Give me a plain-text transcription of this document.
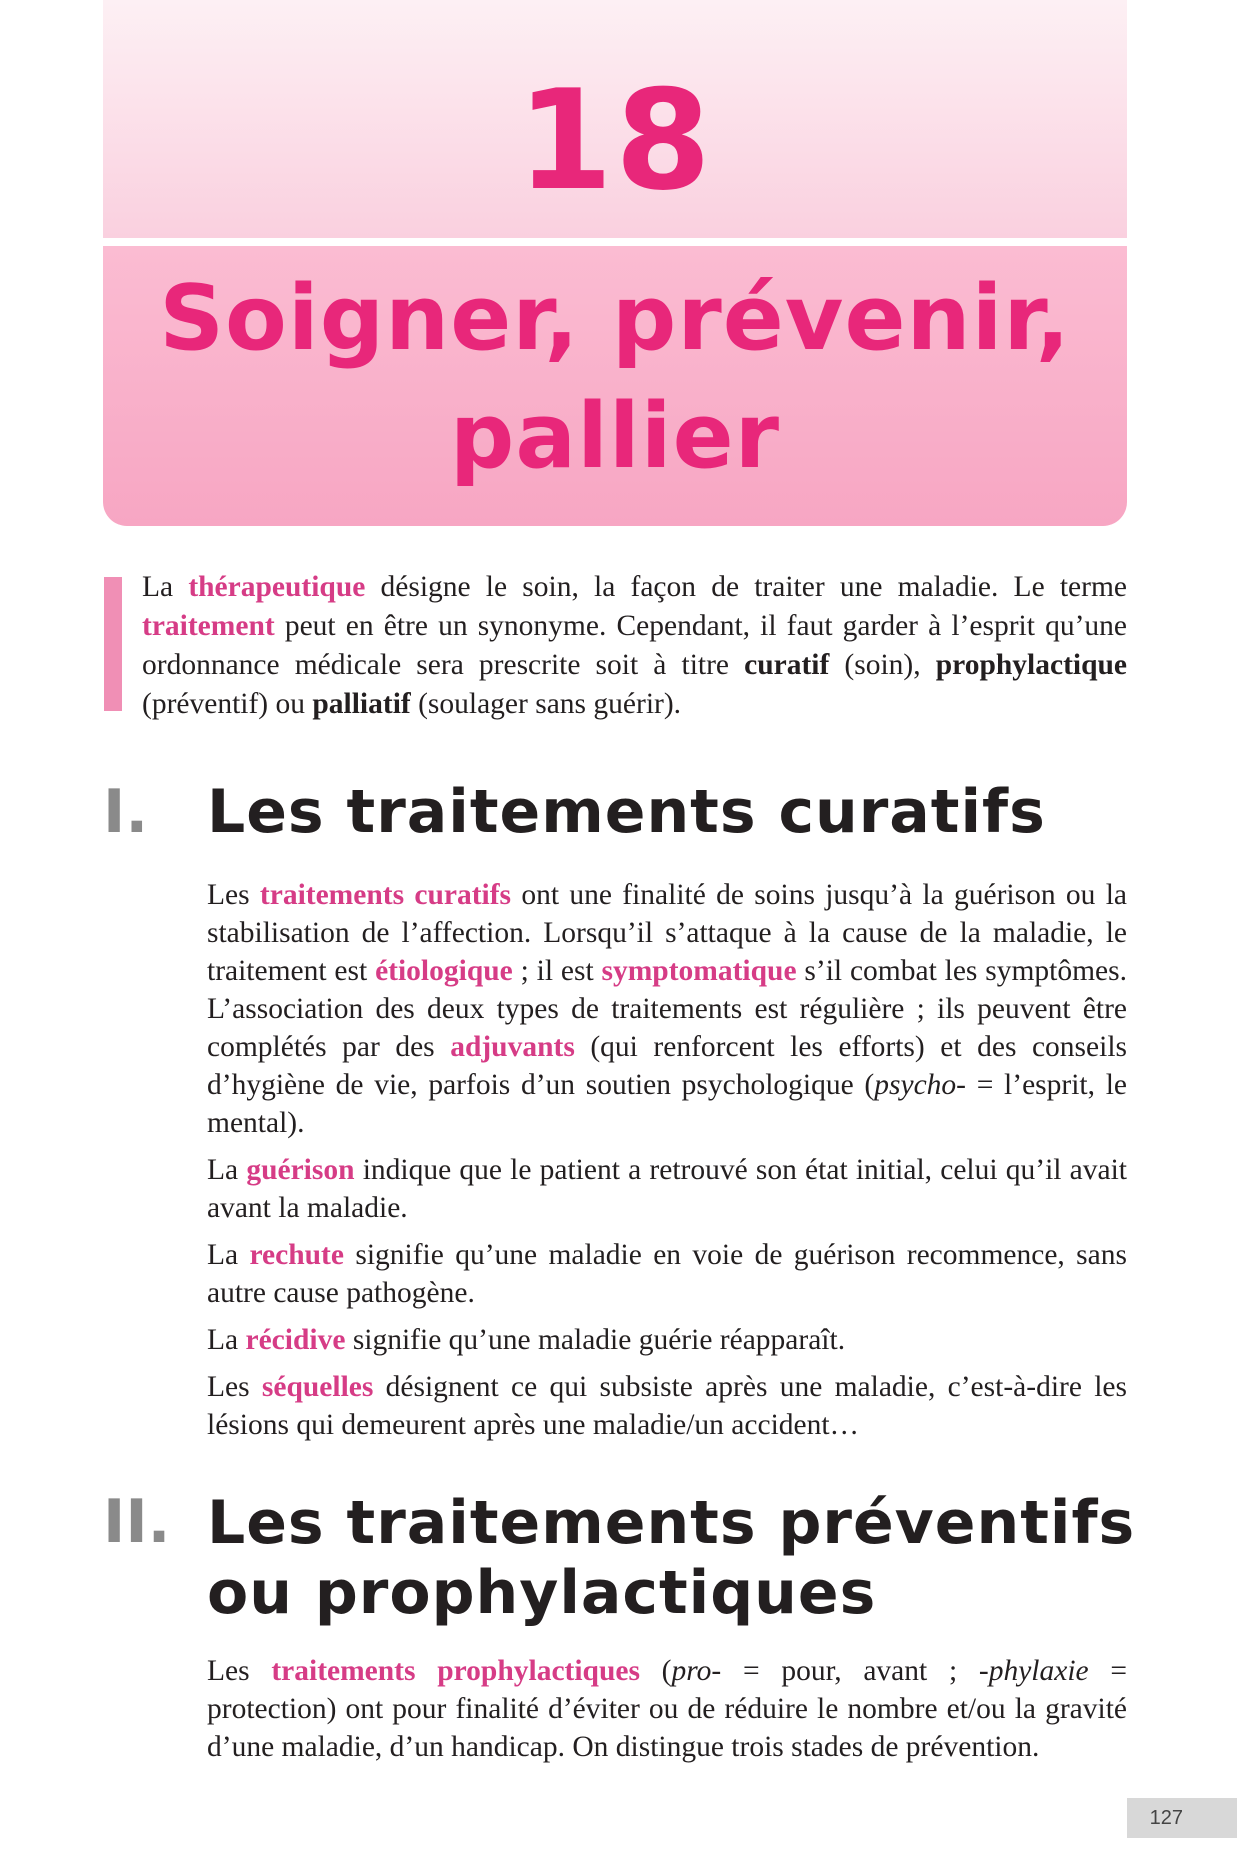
18
Soigner, prévenir, pallier
La thérapeutique désigne le soin, la façon de traiter une maladie. Le terme traitement peut en être un synonyme. Cependant, il faut garder à l’esprit qu’une ordonnance médicale sera prescrite soit à titre curatif (soin), prophylactique (préventif) ou palliatif (soulager sans guérir).
I. Les traitements curatifs

Les traitements curatifs ont une finalité de soins jusqu’à la guérison ou la stabilisation de l’affection. Lorsqu’il s’attaque à la cause de la maladie, le traitement est étiologique ; il est symptomatique s’il combat les symptômes. L’association des deux types de traitements est régulière ; ils peuvent être complétés par des adjuvants (qui renforcent les efforts) et des conseils d’hygiène de vie, parfois d’un soutien psychologique (psycho- = l’esprit, le mental).

La guérison indique que le patient a retrouvé son état initial, celui qu’il avait avant la maladie.

La rechute signifie qu’une maladie en voie de guérison recommence, sans autre cause pathogène.

La récidive signifie qu’une maladie guérie réapparaît.

Les séquelles désignent ce qui subsiste après une maladie, c’est-à-dire les lésions qui demeurent après une maladie/un accident…

II. Les traitements préventifs ou prophylactiques

Les traitements prophylactiques (pro- = pour, avant ; -phylaxie = protection) ont pour finalité d’éviter ou de réduire le nombre et/ou la gravité d’une maladie, d’un handicap. On distingue trois stades de prévention.

127
